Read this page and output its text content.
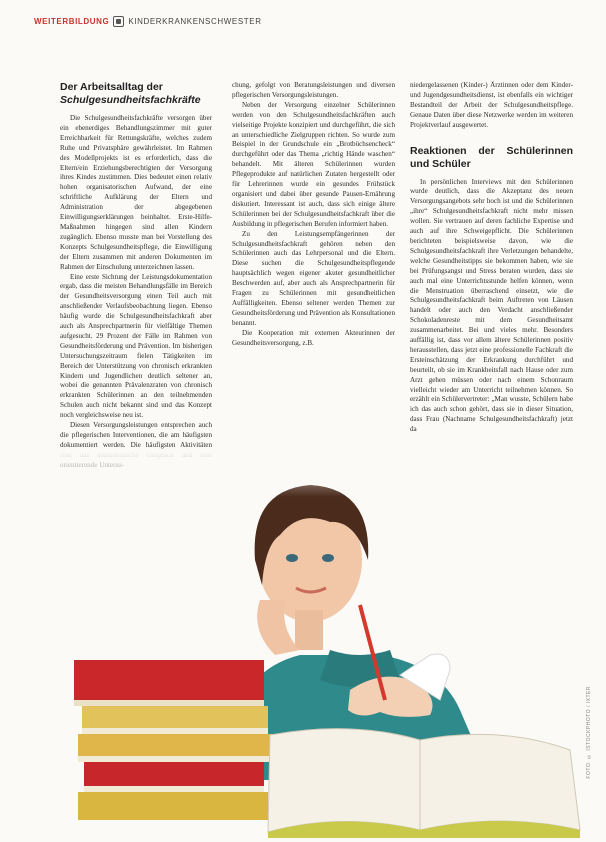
WEITERBILDUNG KINDERKRANKENSCHWESTER
Der Arbeitsalltag der
Schulgesundheitsfachkräfte

Die Schulgesundheitsfachkräfte versorgen über ein ebenerdiges Behandlungszimmer mit guter Erreichbarkeit für Rettungskräfte, welches zudem Ruhe und Privatsphäre gewährleistet. Im Rahmen des Modellprojekts ist es erforderlich, dass die Eltern/ein Erziehungsberechtigten der Versorgung ihres Kindes zustimmen. Dies bedeutet einen relativ hohen organisatorischen Aufwand, der eine schriftliche Aufklärung der Eltern und Administration der abgegebenen Einwilligungserklärungen beinhaltet. Erste-Hilfe-Maßnahmen hingegen sind allen Kindern zugänglich. Ebenso musste man bei Vorstellung des Konzepts Schulgesundheitspflege, die Einwilligung der Eltern zusammen mit anderen Dokumenten im Rahmen der Einschulung unterzeichnen lassen.

Eine erste Sichtung der Leistungsdokumentation ergab, dass die meisten Behandlungsfälle im Bereich der Gesundheitsversorgung einen Teil auch mit anschließender Verlaufsbeobachtung liegen. Ebenso häufig wurde die Schulgesundheitsfachkraft aber auch als Ansprechpartnerin für vielfältige Themen aufgesucht. 29 Prozent der Fälle im Rahmen von Gesundheitsförderung und Prävention. Im bisherigen Untersuchungszeitraum fielen Tätigkeiten im Bereich der Unterstützung von chronisch erkrankten Kindern und Jugendlichen deutlich seltener an, wobei die genannten Prävalenzraten von chronisch erkrankten Schülerinnen an den teilnehmenden Schulen auch nicht bekannt sind und das Konzept noch vergleichsweise neu ist.

Diesen Versorgungsleistungen entsprechen auch die pflegerischen Interventionen, die am häufigsten dokumentiert werden. Die häufigsten Aktivitäten

chung, gefolgt von Beratungsleistungen und diversen pflegerischen Versorgungsleistungen.

Neben der Versorgung einzelner Schülerinnen werden von den Schulgesundheitsfachkräften auch vielseitige Projekte konzipiert und durchgeführt, die sich an unterschiedliche Zielgruppen richten. So wurde zum Beispiel in der Grundschule ein „Brotbüchsencheck“ durchgeführt oder das Thema „richtig Hände waschen“ behandelt. Mit älteren Schülerinnen wurden Pflegeprodukte auf natürlichen Zutaten hergestellt oder für Lehrerinnen wurde ein gesundes Frühstück organisiert und dabei über gesunde Pausen-Ernährung diskutiert. Interessant ist auch, dass sich einige ältere Schülerinnen bei der Schulgesundheitsfachkraft über die Ausbildung in pflegerischen Berufen informiert haben.

Zu den Leistungsempfängerinnen der Schulgesundheitsfachkraft gehören neben den Schülerinnen auch das Lehrpersonal und die Eltern. Diese suchen die Schulgesundheitspflegende hauptsächlich wegen eigener akuter gesundheitlicher Beschwerden auf, aber auch als Ansprechpartnerin für Fragen zu Schülerinnen mit gesundheitlichen Auffälligkeiten. Ebenso seltener werden Themen zur Gesundheitsförderung und Prävention als Konsultationen benannt.

Die Kooperation mit externen Akteurinnen der Gesundheitsversorgung, z.B.

niedergelassenen (Kinder-) Ärztinnen oder dem Kinder- und Jugendgesundheitsdienst, ist ebenfalls ein wichtiger Bestandteil der Arbeit der Schulgesundheitspflege. Genaue Daten über diese Netzwerke werden im weiteren Projektverlauf ausgewertet.

Reaktionen der Schülerinnen und Schüler

In persönlichen Interviews mit den Schülerinnen wurde deutlich, dass die Akzeptanz des neuen Versorgungsangebots sehr hoch ist und die Schülerinnen „ihre“ Schulgesundheitsfachkraft nicht mehr missen wollen. Sie vertrauen auf deren fachliche Expertise und auch auf ihre Schweigepflicht. Die Schülerinnen berichteten beispielsweise davon, wie die Schulgesundheitsfachkraft ihre Verletzungen behandelte, welche Gesundheitstipps sie bekommen haben, wie sie bei Prüfungsangst und Stress beraten wurden, dass sie auch mal eine Unterrichtsstunde helfen können, wenn die Menstruation überraschend einsetzt, wie die Schulgesundheitsfachkraft beim Auftreten von Läusen handelt oder auch den Verdacht anschließender Schokoladenreste mit dem Gesundheitsamt zusammenarbeitet. Bei und vieles mehr. Besonders auffällig ist, dass vor allem ältere Schülerinnen positiv herausstellen, dass jetzt eine professionelle Fachkraft die Ersteinschätzung der Erkrankung durchführt und beurteilt, ob sie im Krankheitsfall nach Hause oder zum Arzt gehen müssen oder nach einem Schonraum vielleicht wieder am Unterricht teilnehmen können. So erzählt ein Schülervertreter: „Man wusste, Schülern habe ich das auch schon gehört, dass sie in dieser Situation, dass Frau (Nachname Schulgesundheitsfachkraft) jetzt da

FOTO: © ISTOCKPHOTO / IXTER
